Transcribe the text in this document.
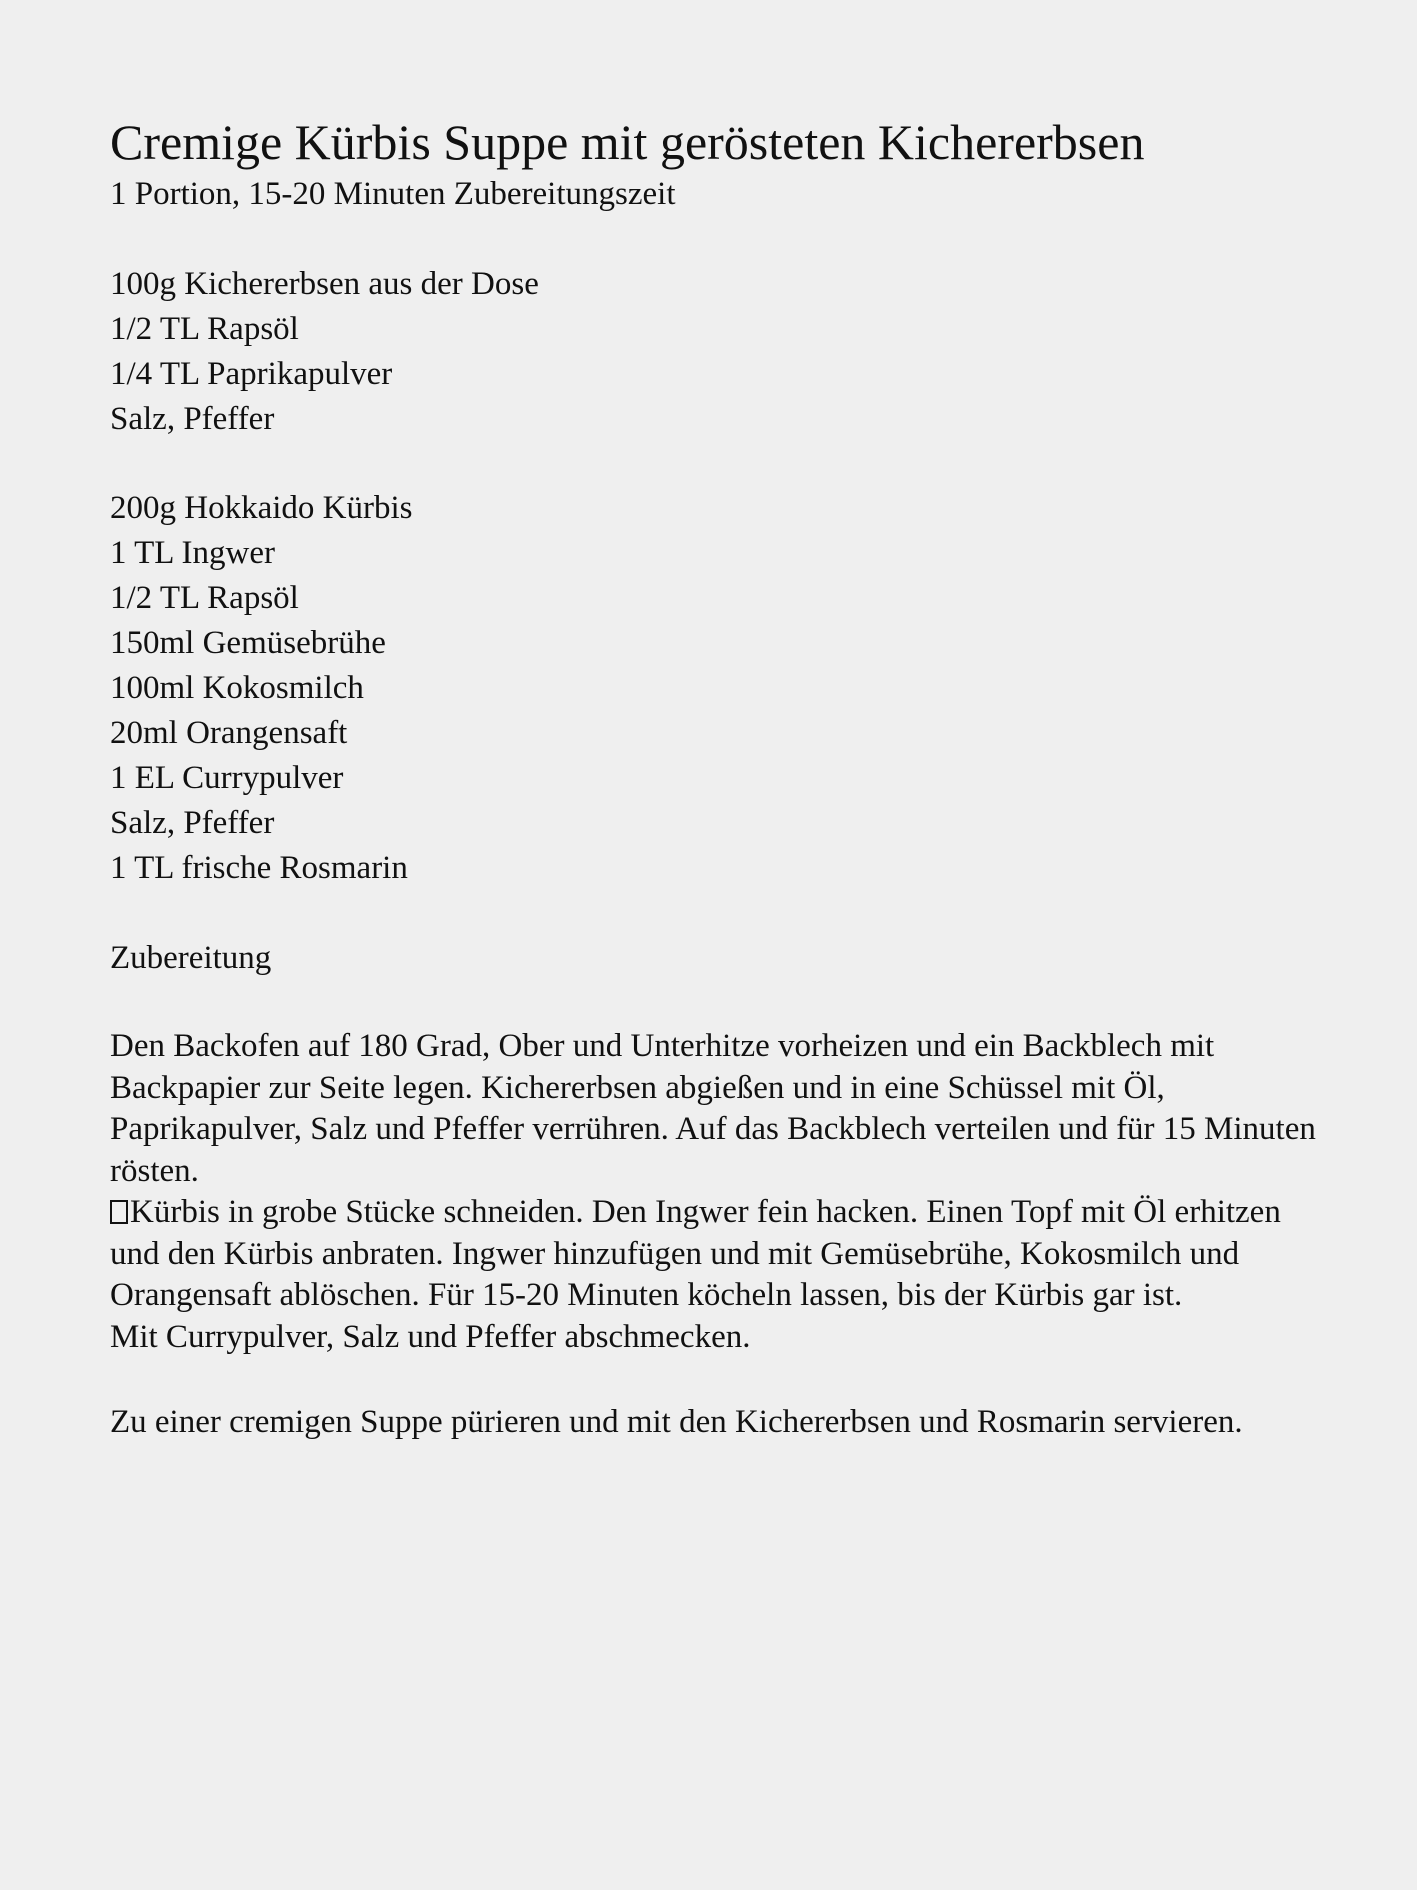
Cremige Kürbis Suppe mit gerösteten Kichererbsen

1 Portion, 15-20 Minuten Zubereitungszeit

100g Kichererbsen aus der Dose
1/2 TL Rapsöl
1/4 TL Paprikapulver
Salz, Pfeffer
200g Hokkaido Kürbis
1 TL Ingwer
1/2 TL Rapsöl
150ml Gemüsebrühe
100ml Kokosmilch
20ml Orangensaft
1 EL Currypulver
Salz, Pfeffer
1 TL frische Rosmarin
Zubereitung

Den Backofen auf 180 Grad, Ober und Unterhitze vorheizen und ein Backblech mit Backpapier zur Seite legen. Kichererbsen abgießen und in eine Schüssel mit Öl, Paprikapulver, Salz und Pfeffer verrühren. Auf das Backblech verteilen und für 15 Minuten rösten.

Kürbis in grobe Stücke schneiden. Den Ingwer fein hacken. Einen Topf mit Öl erhitzen und den Kürbis anbraten. Ingwer hinzufügen und mit Gemüsebrühe, Kokosmilch und Orangensaft ablöschen. Für 15-20 Minuten köcheln lassen, bis der Kürbis gar ist.

Mit Currypulver, Salz und Pfeffer abschmecken.

Zu einer cremigen Suppe pürieren und mit den Kichererbsen und Rosmarin servieren.
